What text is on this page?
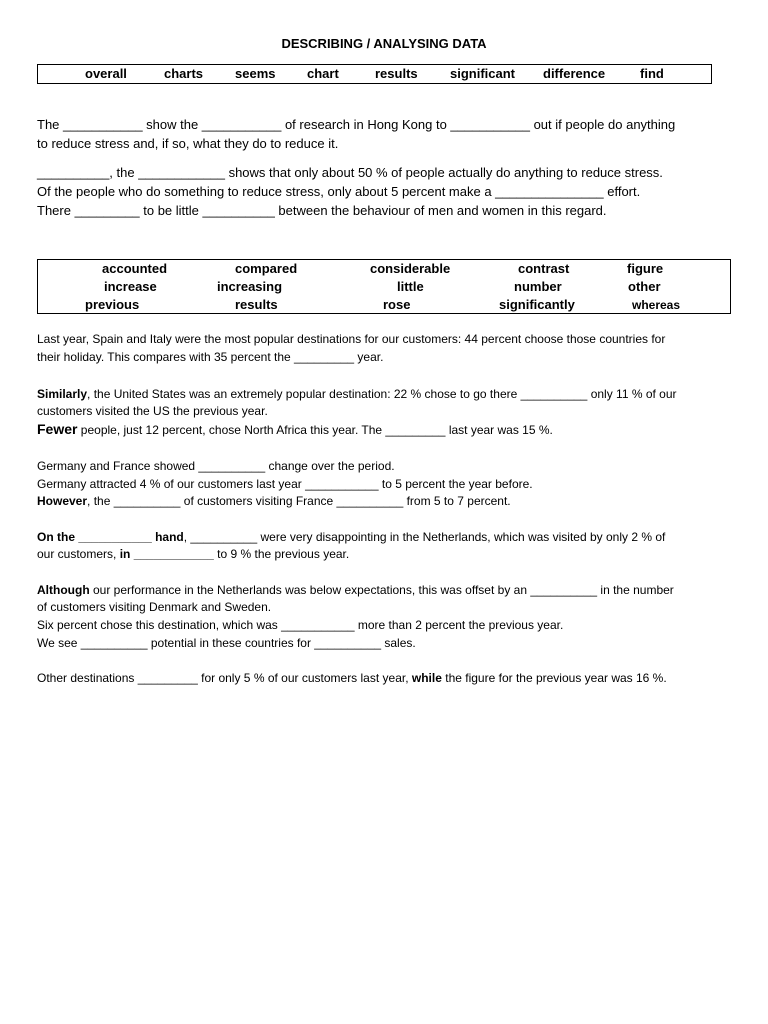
DESCRIBING / ANALYSING DATA
overall	charts seems chart	results significant difference	find
The ___________ show the ___________ of research in Hong Kong to ___________ out if people do anything
to reduce stress and, if so, what they do to reduce it.
__________, the ____________ shows that only about 50 % of people actually do anything to reduce stress.
Of the people who do something to reduce stress, only about 5 percent make a _______________ effort.
There _________ to be little __________ between the behaviour of men and women in this regard.
accounted	compared	considerable	contrast	figure
increase	increasing	little	number	other
previous	results	rose	significantly	whereas
Last year, Spain and Italy were the most popular destinations for our customers: 44 percent choose those countries for
their holiday. This compares with 35 percent the _________ year.
Similarly, the United States was an extremely popular destination: 22 % chose to go there __________ only 11 % of our
customers visited the US the previous year.
Fewer people, just 12 percent, chose North Africa this year. The _________ last year was 15 %.
Germany and France showed __________ change over the period.
Germany attracted 4 % of our customers last year ___________ to 5 percent the year before.
However, the __________ of customers visiting France __________ from 5 to 7 percent.
On the ___________ hand, __________ were very disappointing in the Netherlands, which was visited by only 2 % of
our customers, in ____________ to 9 % the previous year.
Although our performance in the Netherlands was below expectations, this was offset by an __________ in the number
of customers visiting Denmark and Sweden.
Six percent chose this destination, which was ___________ more than 2 percent the previous year.
We see __________ potential in these countries for __________ sales.
Other destinations _________ for only 5 % of our customers last year, while the figure for the previous year was 16 %.
